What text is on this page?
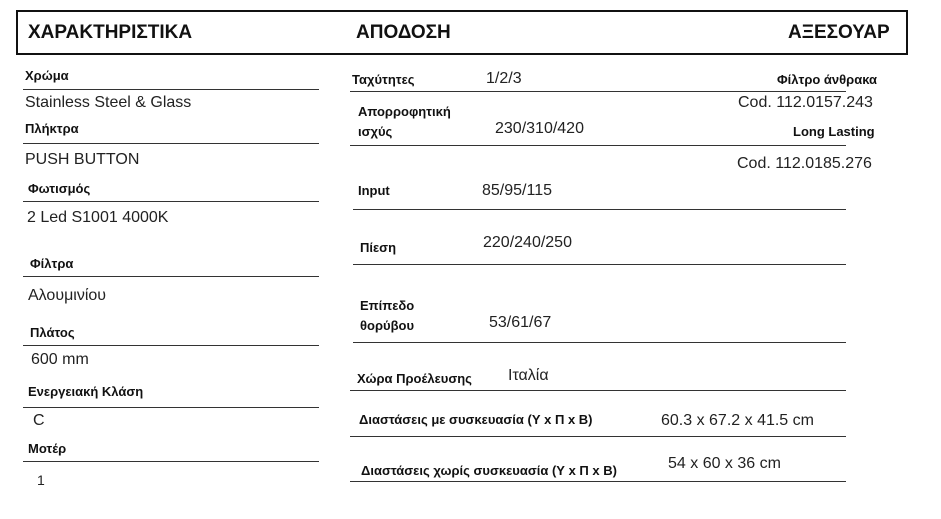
ΧΑΡΑΚΤΗΡΙΣΤΙΚΑ	ΑΠΟΔΟΣΗ	ΑΞΕΣΟΥΑΡ
Χρώμα
Stainless Steel & Glass
Πλήκτρα
PUSH BUTTON
Φωτισμός
2 Led S1001 4000K
Φίλτρα
Αλουμινίου
Πλάτος
600 mm
Ενεργειακή Κλάση
C
Μοτέρ
1
Ταχύτητες	1/2/3
Απορροφητική
ισχύς	230/310/420
Input	85/95/115
Πίεση	220/240/250
Επίπεδο
θορύβου	53/61/67
Χώρα Προέλευσης Ιταλία
Διαστάσεις με συσκευασία (Υ x Π x Β)	60.3 x 67.2 x 41.5 cm
Διαστάσεις χωρίς συσκευασία (Υ x Π x Β)	54 x 60 x 36 cm
Φίλτρο άνθρακα
Cod. 112.0157.243
Long Lasting
Cod. 112.0185.276
